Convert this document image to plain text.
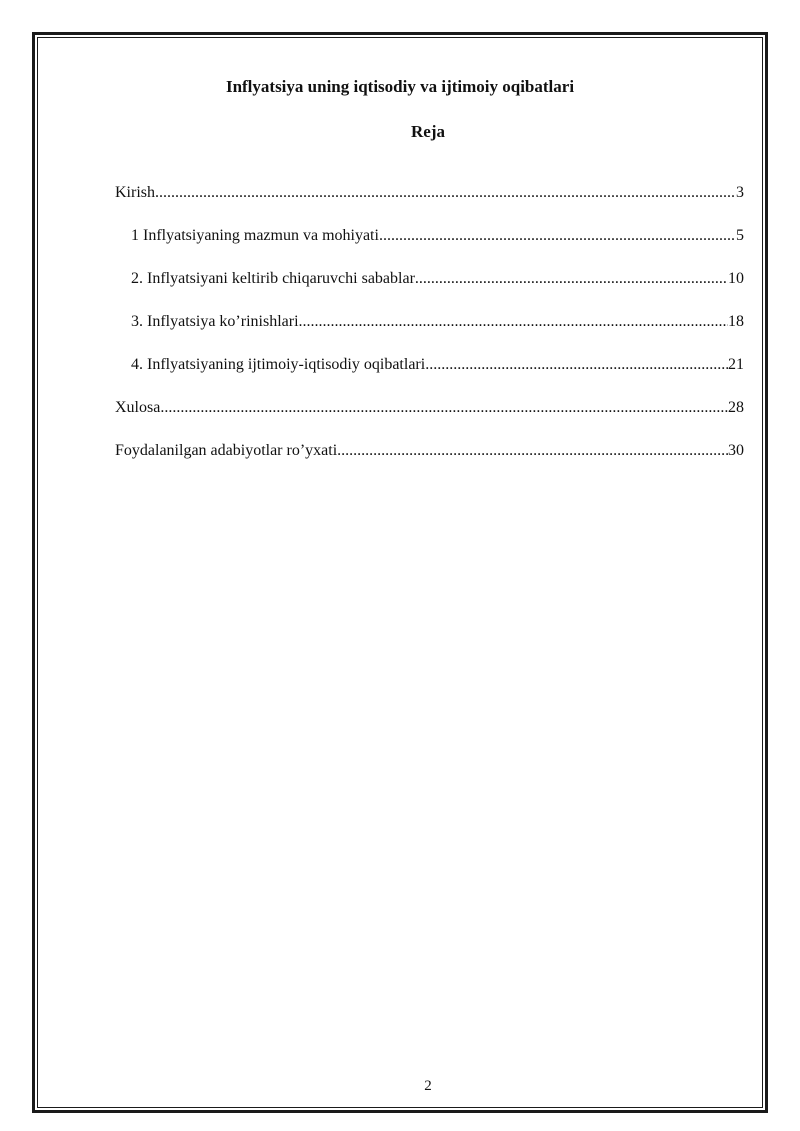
Inflyatsiya uning iqtisodiy va ijtimoiy oqibatlari
Reja
Kirish .....	3
1 Inflyatsiyaning mazmun va mohiyati .....	5
2. Inflyatsiyani keltirib chiqaruvchi sabablar .....	10
3. Inflyatsiya ko’rinishlari .....	18
4. Inflyatsiyaning ijtimoiy-iqtisodiy oqibatlari .....	21
Xulosa .....	28
Foydalanilgan adabiyotlar ro’yxati .....	30

2
